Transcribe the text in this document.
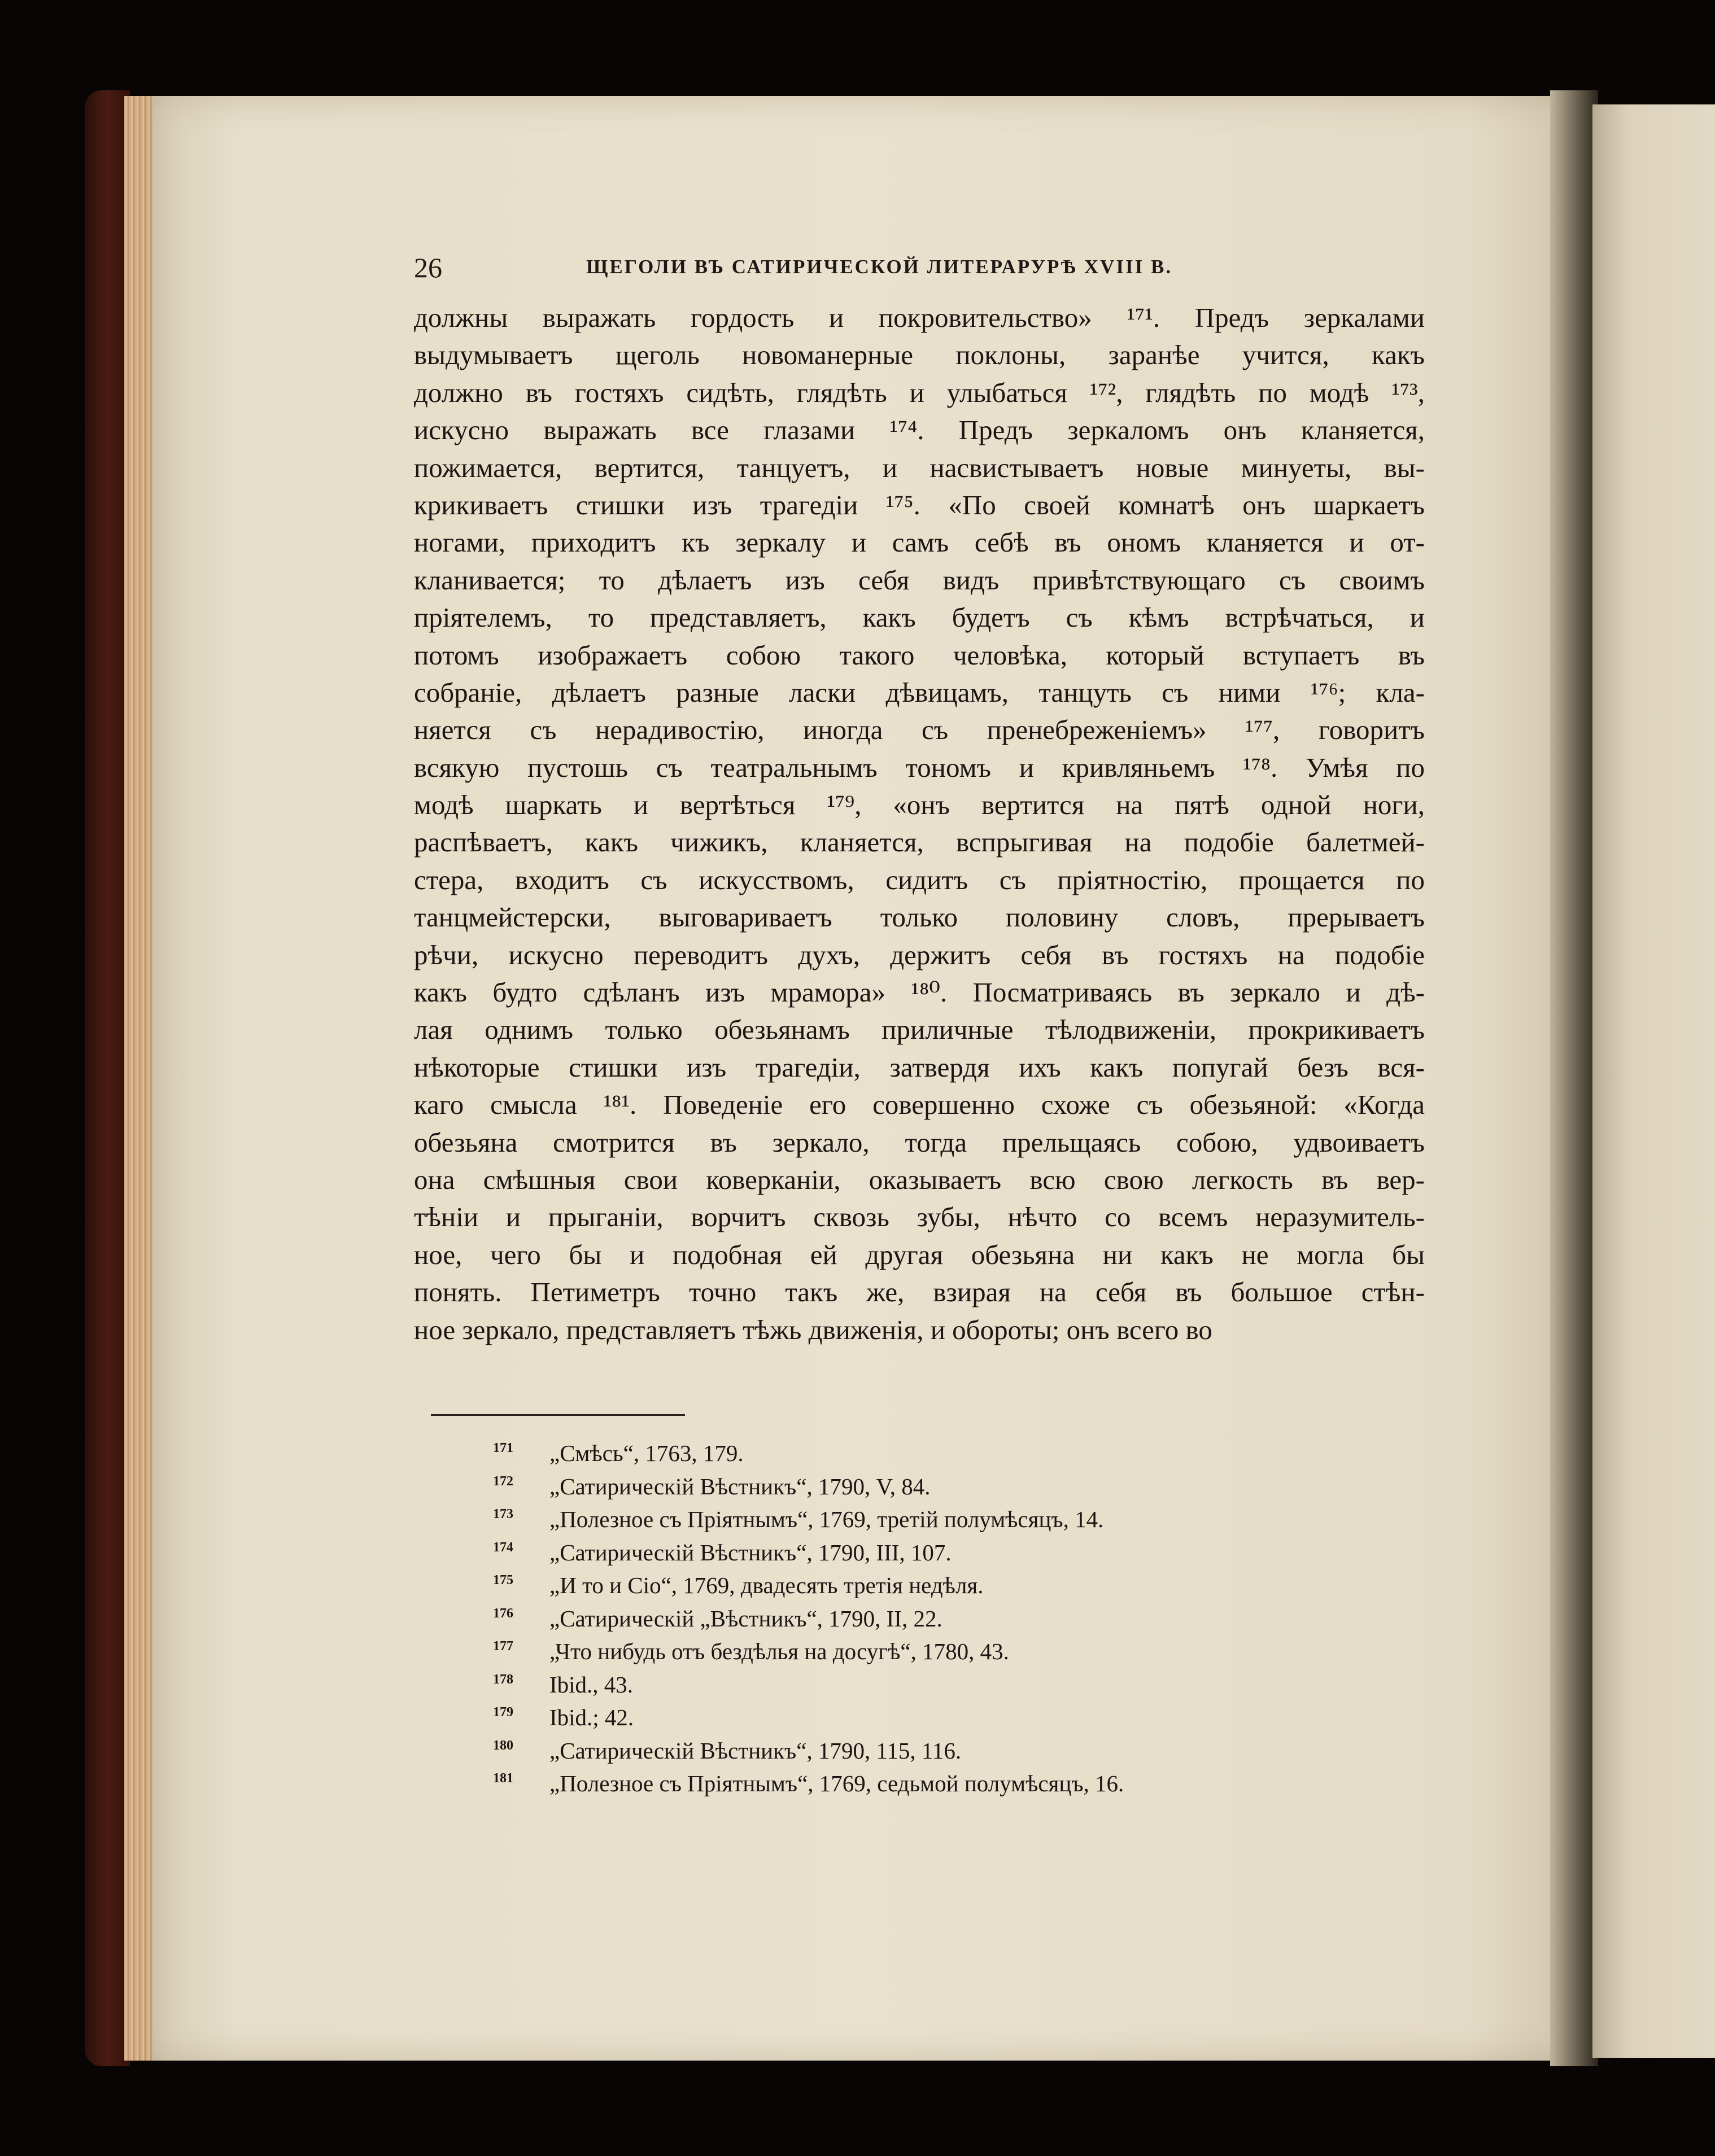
26	ЩЕГОЛИ ВЪ САТИРИЧЕСКОЙ ЛИТЕРАРУРѢ XVIII В.
должны выражать гордость и покровительство» ¹⁷¹. Предъ зеркалами
выдумываетъ щеголь новоманерные поклоны, заранѣе учится, какъ
должно въ гостяхъ сидѣть, глядѣть и улыбаться ¹⁷², глядѣть по модѣ ¹⁷³,
искусно выражать все глазами ¹⁷⁴. Предъ зеркаломъ онъ кланяется,
пожимается, вертится, танцуетъ, и насвистываетъ новые минуеты, вы-
крикиваетъ стишки изъ трагедіи ¹⁷⁵. «По своей комнатѣ онъ шаркаетъ
ногами, приходитъ къ зеркалу и самъ себѣ въ ономъ кланяется и от-
кланивается; то дѣлаетъ изъ себя видъ привѣтствующаго съ своимъ
пріятелемъ, то представляетъ, какъ будетъ съ кѣмъ встрѣчаться, и
потомъ изображаетъ собою такого человѣка, который вступаетъ въ
собраніе, дѣлаетъ разные ласки дѣвицамъ, танцуть съ ними ¹⁷⁶; кла-
няется съ нерадивостію, иногда съ пренебреженіемъ» ¹⁷⁷, говоритъ
всякую пустошь съ театральнымъ тономъ и кривляньемъ ¹⁷⁸. Умѣя по
модѣ шаркать и вертѣться ¹⁷⁹, «онъ вертится на пятѣ одной ноги,
распѣваетъ, какъ чижикъ, кланяется, вспрыгивая на подобіе балетмей-
стера, входитъ съ искусствомъ, сидитъ съ пріятностію, прощается по
танцмейстерски, выговариваетъ только половину словъ, прерываетъ
рѣчи, искусно переводитъ духъ, держитъ себя въ гостяхъ на подобіе
какъ будто сдѣланъ изъ мрамора» ¹⁸⁰. Посматриваясь въ зеркало и дѣ-
лая однимъ только обезьянамъ приличные тѣлодвиженіи, прокрикиваетъ
нѣкоторые стишки изъ трагедіи, затвердя ихъ какъ попугай безъ вся-
каго смысла ¹⁸¹. Поведеніе его совершенно схоже съ обезьяной: «Когда
обезьяна смотрится въ зеркало, тогда прельщаясь собою, удвоиваетъ
она смѣшныя свои коверканіи, оказываетъ всю свою легкость въ вер-
тѣніи и прыганіи, ворчитъ сквозь зубы, нѣчто со всемъ неразумитель-
ное, чего бы и подобная ей другая обезьяна ни какъ не могла бы
понять. Петиметръ точно такъ же, взирая на себя въ большое стѣн-
ное зеркало, представляетъ тѣжь движенія, и обороты; онъ всего во
171 „Смѣсь“, 1763, 179.
172 „Сатирическій Вѣстникъ“, 1790, V, 84.
173 „Полезное съ Пріятнымъ“, 1769, третій полумѣсяцъ, 14.
174 „Сатирическій Вѣстникъ“, 1790, III, 107.
175 „И то и Сіо“, 1769, двадесять третія недѣля.
176 „Сатирическій „Вѣстникъ“, 1790, II, 22.
177 „Что нибудь отъ бездѣлья на досугѣ“, 1780, 43.
178 Ibid., 43.
179 Ibid.; 42.
180 „Сатирическій Вѣстникъ“, 1790, 115, 116.
181 „Полезное съ Пріятнымъ“, 1769, седьмой полумѣсяцъ, 16.
